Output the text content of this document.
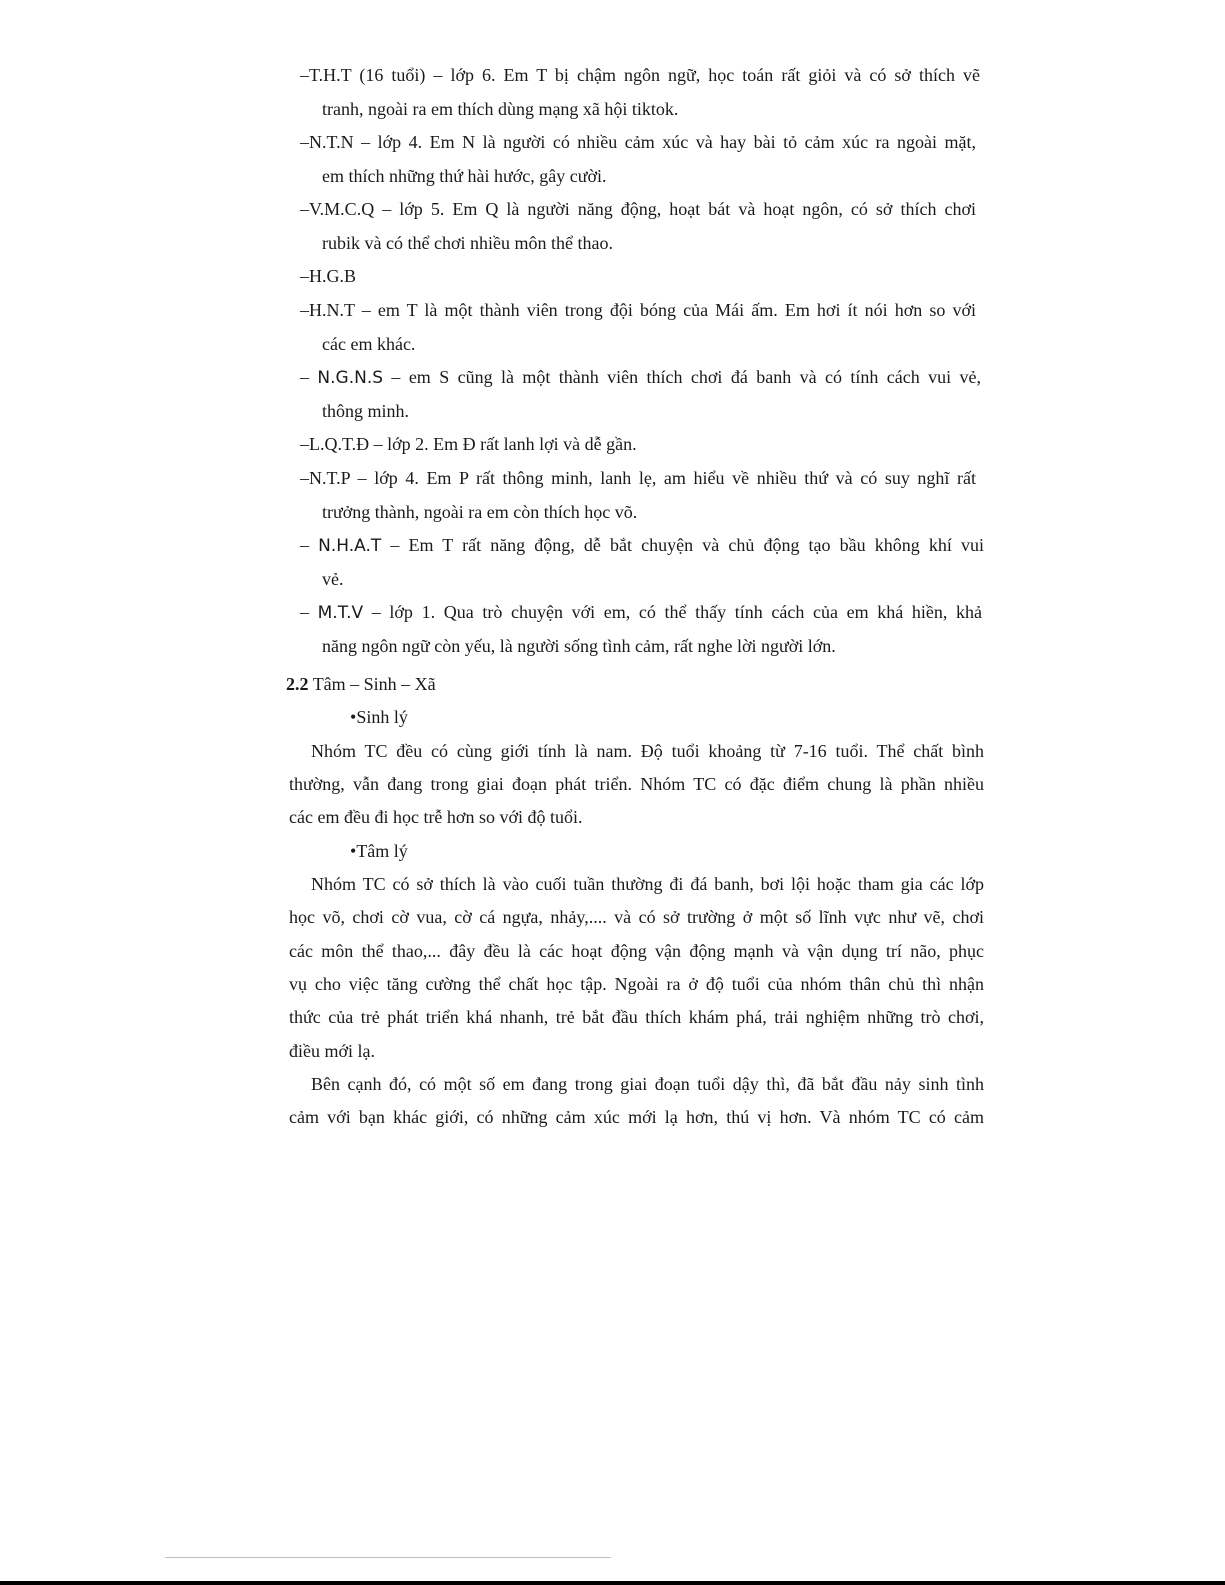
–T.H.T (16 tuổi) – lớp 6. Em T bị chậm ngôn ngữ, học toán rất giỏi và có sở thích vẽ

tranh, ngoài ra em thích dùng mạng xã hội tiktok.

–N.T.N – lớp 4. Em N là người có nhiều cảm xúc và hay bài tỏ cảm xúc ra ngoài mặt,

em thích những thứ hài hước, gây cười.

–V.M.C.Q – lớp 5. Em Q là người năng động, hoạt bát và hoạt ngôn, có sở thích chơi

rubik và có thể chơi nhiều môn thể thao.

–H.G.B

–H.N.T – em T là một thành viên trong đội bóng của Mái ấm. Em hơi ít nói hơn so với

các em khác.

– N.G.N.S – em S cũng là một thành viên thích chơi đá banh và có tính cách vui vẻ,

thông minh.

–L.Q.T.Đ – lớp 2. Em Đ rất lanh lợi và dễ gần.

–N.T.P – lớp 4. Em P rất thông minh, lanh lẹ, am hiểu về nhiều thứ và có suy nghĩ rất

trưởng thành, ngoài ra em còn thích học võ.

– N.H.A.T – Em T rất năng động, dễ bắt chuyện và chủ động tạo bầu không khí vui

vẻ.

– M.T.V – lớp 1. Qua trò chuyện với em, có thể thấy tính cách của em khá hiền, khả

năng ngôn ngữ còn yếu, là người sống tình cảm, rất nghe lời người lớn.

2.2 Tâm – Sinh – Xã

•Sinh lý

Nhóm TC đều có cùng giới tính là nam. Độ tuổi khoảng từ 7-16 tuổi. Thể chất bình

thường, vẫn đang trong giai đoạn phát triển. Nhóm TC có đặc điểm chung là phần nhiều

các em đều đi học trễ hơn so với độ tuổi.

•Tâm lý

Nhóm TC có sở thích là vào cuối tuần thường đi đá banh, bơi lội hoặc tham gia các lớp

học võ, chơi cờ vua, cờ cá ngựa, nhảy,.... và có sở trường ở một số lĩnh vực như vẽ, chơi

các môn thể thao,... đây đều là các hoạt động vận động mạnh và vận dụng trí não, phục

vụ cho việc tăng cường thể chất học tập. Ngoài ra ở độ tuổi của nhóm thân chủ thì nhận

thức của trẻ phát triển khá nhanh, trẻ bắt đầu thích khám phá, trải nghiệm những trò chơi,

điều mới lạ.

Bên cạnh đó, có một số em đang trong giai đoạn tuổi dậy thì, đã bắt đầu nảy sinh tình

cảm với bạn khác giới, có những cảm xúc mới lạ hơn, thú vị hơn. Và nhóm TC có cảm
